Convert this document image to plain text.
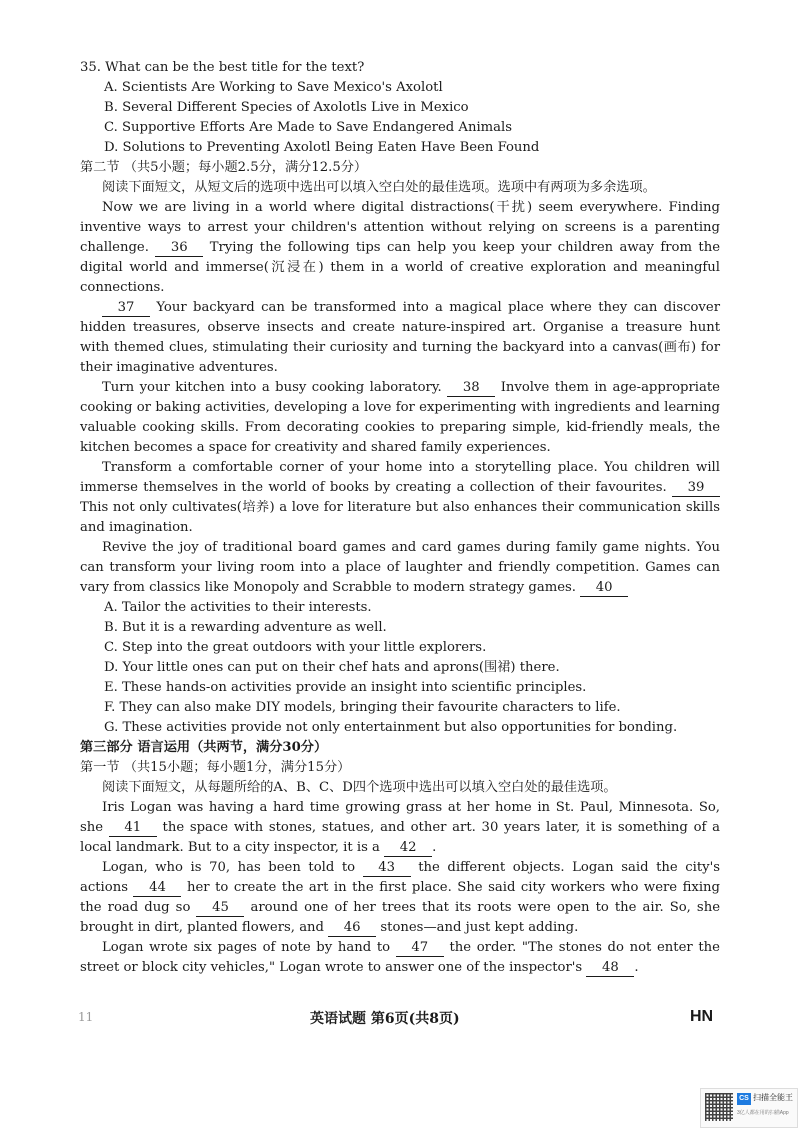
35. What can be the best title for the text?

A. Scientists Are Working to Save Mexico's Axolotl

B. Several Different Species of Axolotls Live in Mexico

C. Supportive Efforts Are Made to Save Endangered Animals

D. Solutions to Preventing Axolotl Being Eaten Have Been Found

第二节 （共5小题；每小题2.5分，满分12.5分）

阅读下面短文，从短文后的选项中选出可以填入空白处的最佳选项。选项中有两项为多余选项。

Now we are living in a world where digital distractions(干扰) seem everywhere. Finding inventive ways to arrest your children's attention without relying on screens is a parenting challenge. 36 Trying the following tips can help you keep your children away from the digital world and immerse(沉浸在) them in a world of creative exploration and meaningful connections.

37 Your backyard can be transformed into a magical place where they can discover hidden treasures, observe insects and create nature-inspired art. Organise a treasure hunt with themed clues, stimulating their curiosity and turning the backyard into a canvas(画布) for their imaginative adventures.

Turn your kitchen into a busy cooking laboratory. 38 Involve them in age-appropriate cooking or baking activities, developing a love for experimenting with ingredients and learning valuable cooking skills. From decorating cookies to preparing simple, kid-friendly meals, the kitchen becomes a space for creativity and shared family experiences.

Transform a comfortable corner of your home into a storytelling place. You children will immerse themselves in the world of books by creating a collection of their favourites. 39 This not only cultivates(培养) a love for literature but also enhances their communication skills and imagination.

Revive the joy of traditional board games and card games during family game nights. You can transform your living room into a place of laughter and friendly competition. Games can vary from classics like Monopoly and Scrabble to modern strategy games. 40

A. Tailor the activities to their interests.

B. But it is a rewarding adventure as well.

C. Step into the great outdoors with your little explorers.

D. Your little ones can put on their chef hats and aprons(围裙) there.

E. These hands-on activities provide an insight into scientific principles.

F. They can also make DIY models, bringing their favourite characters to life.

G. These activities provide not only entertainment but also opportunities for bonding.

第三部分 语言运用（共两节，满分30分）

第一节 （共15小题；每小题1分，满分15分）

阅读下面短文，从每题所给的A、B、C、D四个选项中选出可以填入空白处的最佳选项。

Iris Logan was having a hard time growing grass at her home in St. Paul, Minnesota. So, she 41 the space with stones, statues, and other art. 30 years later, it is something of a local landmark. But to a city inspector, it is a 42 .

Logan, who is 70, has been told to 43 the different objects. Logan said the city's actions 44 her to create the art in the first place. She said city workers who were fixing the road dug so 45 around one of her trees that its roots were open to the air. So, she brought in dirt, planted flowers, and 46 stones—and just kept adding.

Logan wrote six pages of note by hand to 47 the order. "The stones do not enter the street or block city vehicles," Logan wrote to answer one of the inspector's 48 .

11	英语试题 第6页(共8页)	HN
CS 扫描全能王
3亿人都在用的扫描App
